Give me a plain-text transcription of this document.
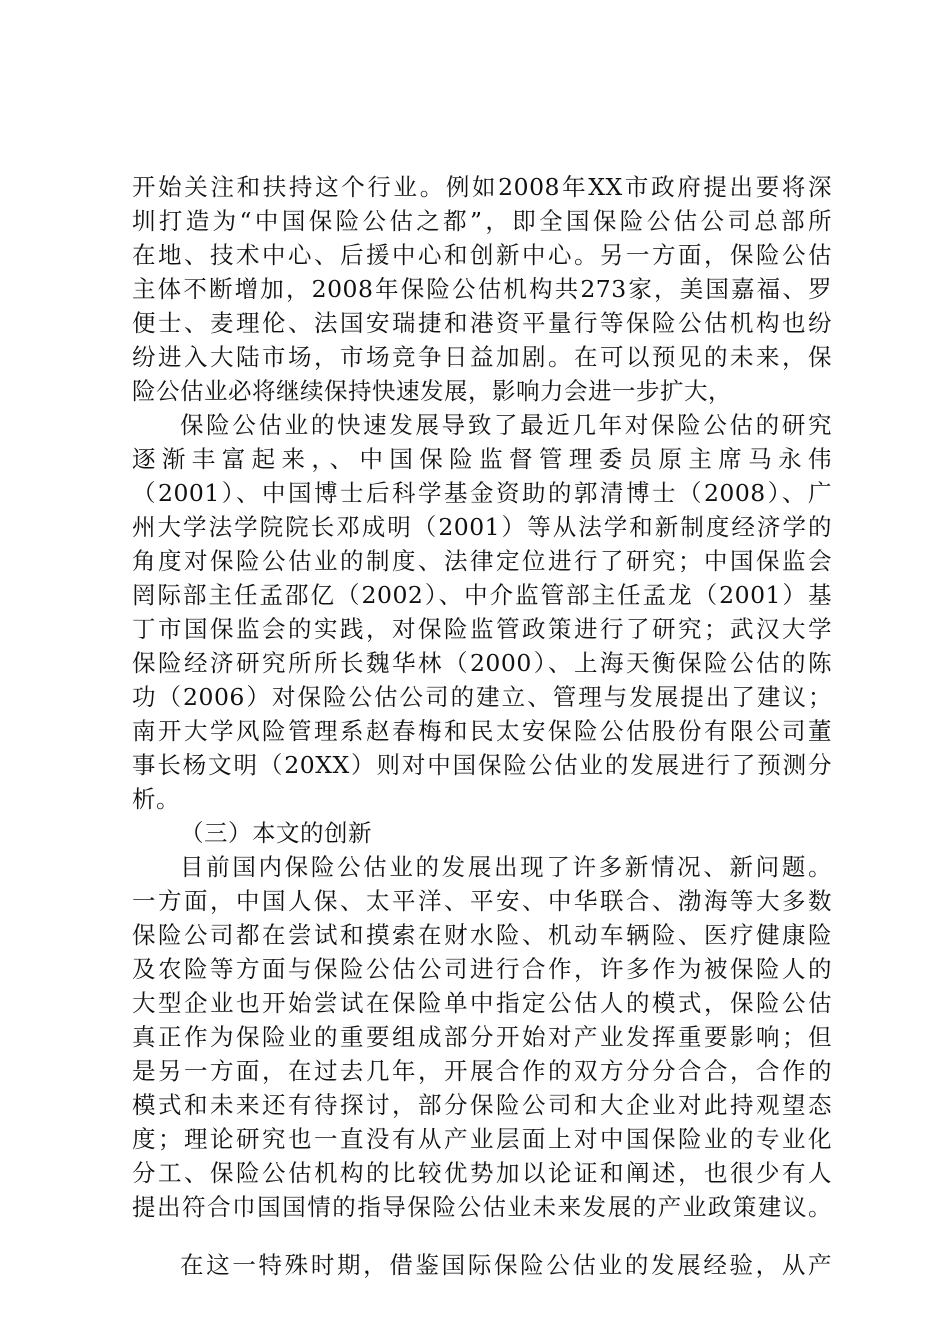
开始关注和扶持这个行业。例如2008年XX市政府提出要将深
圳打造为“中国保险公估之都”，即全国保险公估公司总部所
在地、技术中心、后援中心和创新中心。另一方面，保险公估
主体不断增加，2008年保险公估机构共273家，美国嘉福、罗
便士、麦理伦、法国安瑞捷和港资平量行等保险公估机构也纷
纷进入大陆市场，市场竞争日益加剧。在可以预见的未来，保
险公估业必将继续保持快速发展，影响力会进一步扩大，
保险公估业的快速发展导致了最近几年对保险公估的研究
逐渐丰富起来，、中国保险监督管理委员原主席马永伟
（2001）、中国博士后科学基金资助的郭清博士（2008）、广
州大学法学院院长邓成明（2001）等从法学和新制度经济学的
角度对保险公估业的制度、法律定位进行了研究；中国保监会
罔际部主任孟邵亿（2002）、中介监管部主任孟龙（2001）基
丁市国保监会的实践，对保险监管政策进行了研究；武汉大学
保险经济研究所所长魏华林（2000）、上海天衡保险公估的陈
功（2006）对保险公估公司的建立、管理与发展提出了建议；
南开大学风险管理系赵春梅和民太安保险公估股份有限公司董
事长杨文明（20XX）则对中国保险公估业的发展进行了预测分
析。
（三）本文的创新
目前国内保险公估业的发展出现了许多新情况、新问题。
一方面，中国人保、太平洋、平安、中华联合、渤海等大多数
保险公司都在尝试和摸索在财水险、机动车辆险、医疗健康险
及农险等方面与保险公估公司进行合作，许多作为被保险人的
大型企业也开始尝试在保险单中指定公估人的模式，保险公估
真正作为保险业的重要组成部分开始对产业发挥重要影响；但
是另一方面，在过去几年，开展合作的双方分分合合，合作的
模式和未来还有待探讨，部分保险公司和大企业对此持观望态
度；理论研究也一直没有从产业层面上对中国保险业的专业化
分工、保险公估机构的比较优势加以论证和阐述，也很少有人
提出符合巾国国情的指导保险公估业未来发展的产业政策建议。
在这一特殊时期，借鉴国际保险公估业的发展经验，从产
